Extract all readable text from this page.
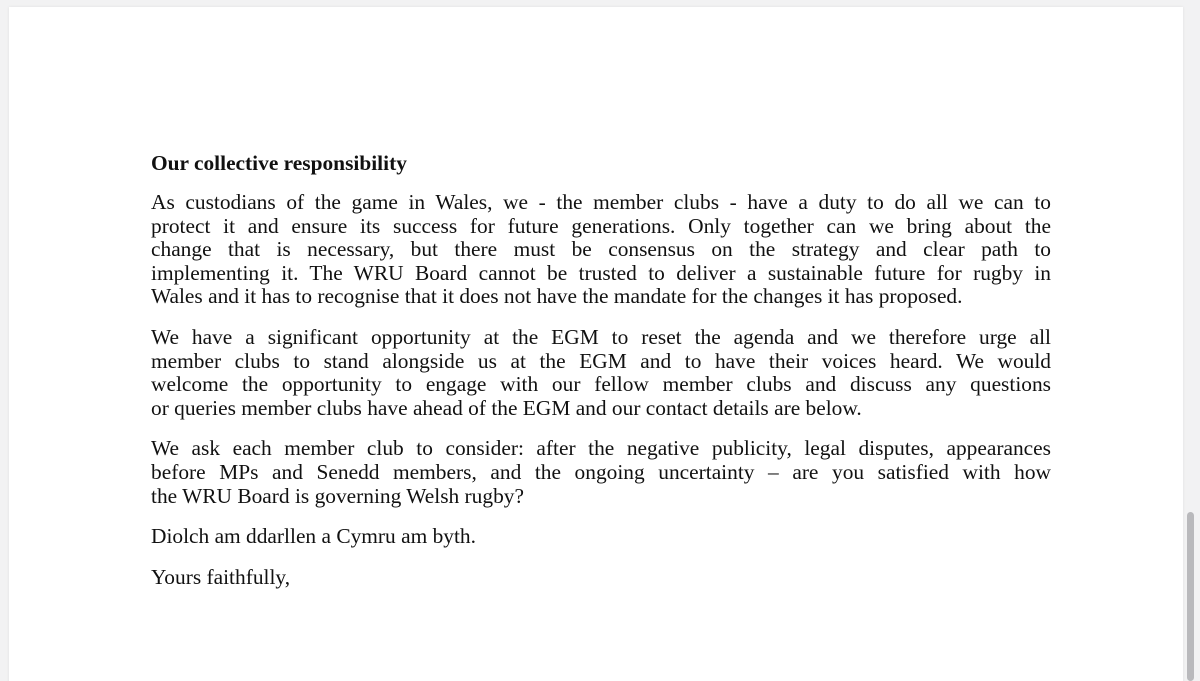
Our collective responsibility
As custodians of the game in Wales, we - the member clubs - have a duty to do all we can to
protect it and ensure its success for future generations. Only together can we bring about the
change that is necessary, but there must be consensus on the strategy and clear path to
implementing it. The WRU Board cannot be trusted to deliver a sustainable future for rugby in
Wales and it has to recognise that it does not have the mandate for the changes it has proposed.
We have a significant opportunity at the EGM to reset the agenda and we therefore urge all
member clubs to stand alongside us at the EGM and to have their voices heard. We would
welcome the opportunity to engage with our fellow member clubs and discuss any questions
or queries member clubs have ahead of the EGM and our contact details are below.
We ask each member club to consider: after the negative publicity, legal disputes, appearances
before MPs and Senedd members, and the ongoing uncertainty – are you satisfied with how
the WRU Board is governing Welsh rugby?
Diolch am ddarllen a Cymru am byth.
Yours faithfully,
